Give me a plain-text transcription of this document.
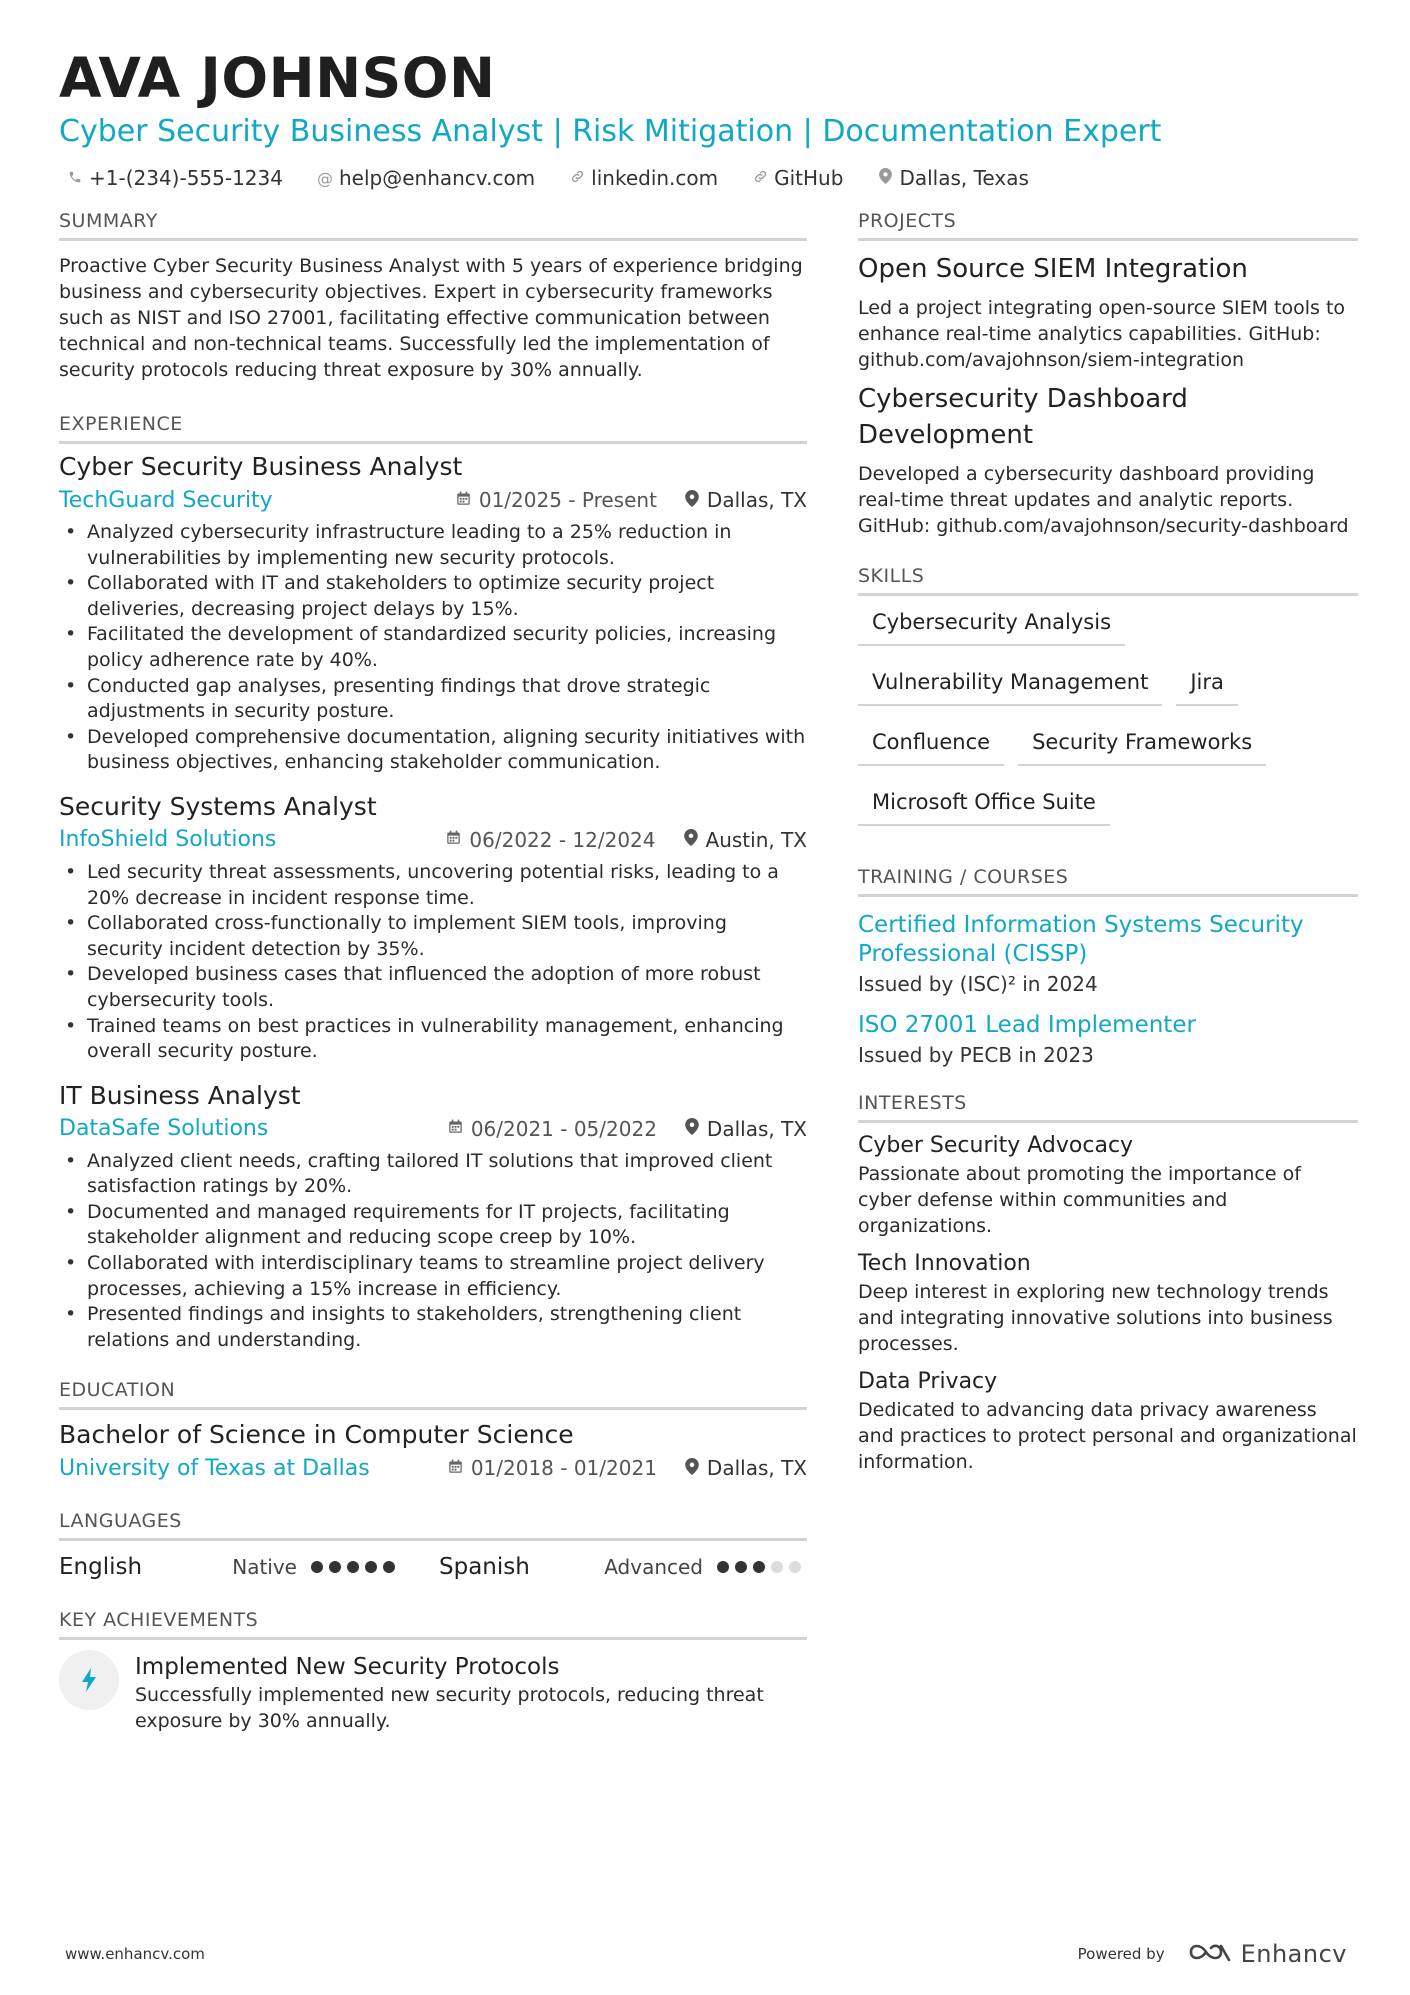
AVA JOHNSON
Cyber Security Business Analyst | Risk Mitigation | Documentation Expert
+1-(234)-555-1234 @ help@enhancv.com	linkedin.com	GitHub	Dallas, Texas
SUMMARY
Proactive Cyber Security Business Analyst with 5 years of experience bridging business and cybersecurity objectives. Expert in cybersecurity frameworks such as NIST and ISO 27001, facilitating effective communication between technical and non-technical teams. Successfully led the implementation of security protocols reducing threat exposure by 30% annually.
EXPERIENCE
Cyber Security Business Analyst
TechGuard Security	01/2025 - Present	Dallas, TX
• Analyzed cybersecurity infrastructure leading to a 25% reduction in vulnerabilities by implementing new security protocols.
• Collaborated with IT and stakeholders to optimize security project deliveries, decreasing project delays by 15%.
• Facilitated the development of standardized security policies, increasing policy adherence rate by 40%.
• Conducted gap analyses, presenting findings that drove strategic adjustments in security posture.
• Developed comprehensive documentation, aligning security initiatives with business objectives, enhancing stakeholder communication.
Security Systems Analyst
InfoShield Solutions	06/2022 - 12/2024	Austin, TX
• Led security threat assessments, uncovering potential risks, leading to a 20% decrease in incident response time.
• Collaborated cross-functionally to implement SIEM tools, improving security incident detection by 35%.
• Developed business cases that influenced the adoption of more robust cybersecurity tools.
• Trained teams on best practices in vulnerability management, enhancing overall security posture.
IT Business Analyst
DataSafe Solutions	06/2021 - 05/2022	Dallas, TX
• Analyzed client needs, crafting tailored IT solutions that improved client satisfaction ratings by 20%.
• Documented and managed requirements for IT projects, facilitating stakeholder alignment and reducing scope creep by 10%.
• Collaborated with interdisciplinary teams to streamline project delivery processes, achieving a 15% increase in efficiency.
• Presented findings and insights to stakeholders, strengthening client relations and understanding.
EDUCATION
Bachelor of Science in Computer Science
University of Texas at Dallas	01/2018 - 01/2021	Dallas, TX
LANGUAGES
English	Native	Spanish	Advanced
KEY ACHIEVEMENTS
Implemented New Security Protocols
Successfully implemented new security protocols, reducing threat exposure by 30% annually.
PROJECTS
Open Source SIEM Integration
Led a project integrating open-source SIEM tools to enhance real-time analytics capabilities. GitHub: github.com/avajohnson/siem-integration
Cybersecurity Dashboard Development
Developed a cybersecurity dashboard providing real-time threat updates and analytic reports. GitHub: github.com/avajohnson/security-dashboard
SKILLS
Cybersecurity Analysis
Vulnerability Management	Jira
Confluence	Security Frameworks
Microsoft Office Suite
TRAINING / COURSES
Certified Information Systems Security Professional (CISSP)
Issued by (ISC)² in 2024
ISO 27001 Lead Implementer
Issued by PECB in 2023
INTERESTS
Cyber Security Advocacy
Passionate about promoting the importance of cyber defense within communities and organizations.
Tech Innovation
Deep interest in exploring new technology trends and integrating innovative solutions into business processes.
Data Privacy
Dedicated to advancing data privacy awareness and practices to protect personal and organizational information.
www.enhancv.com	Powered by	Enhancv
